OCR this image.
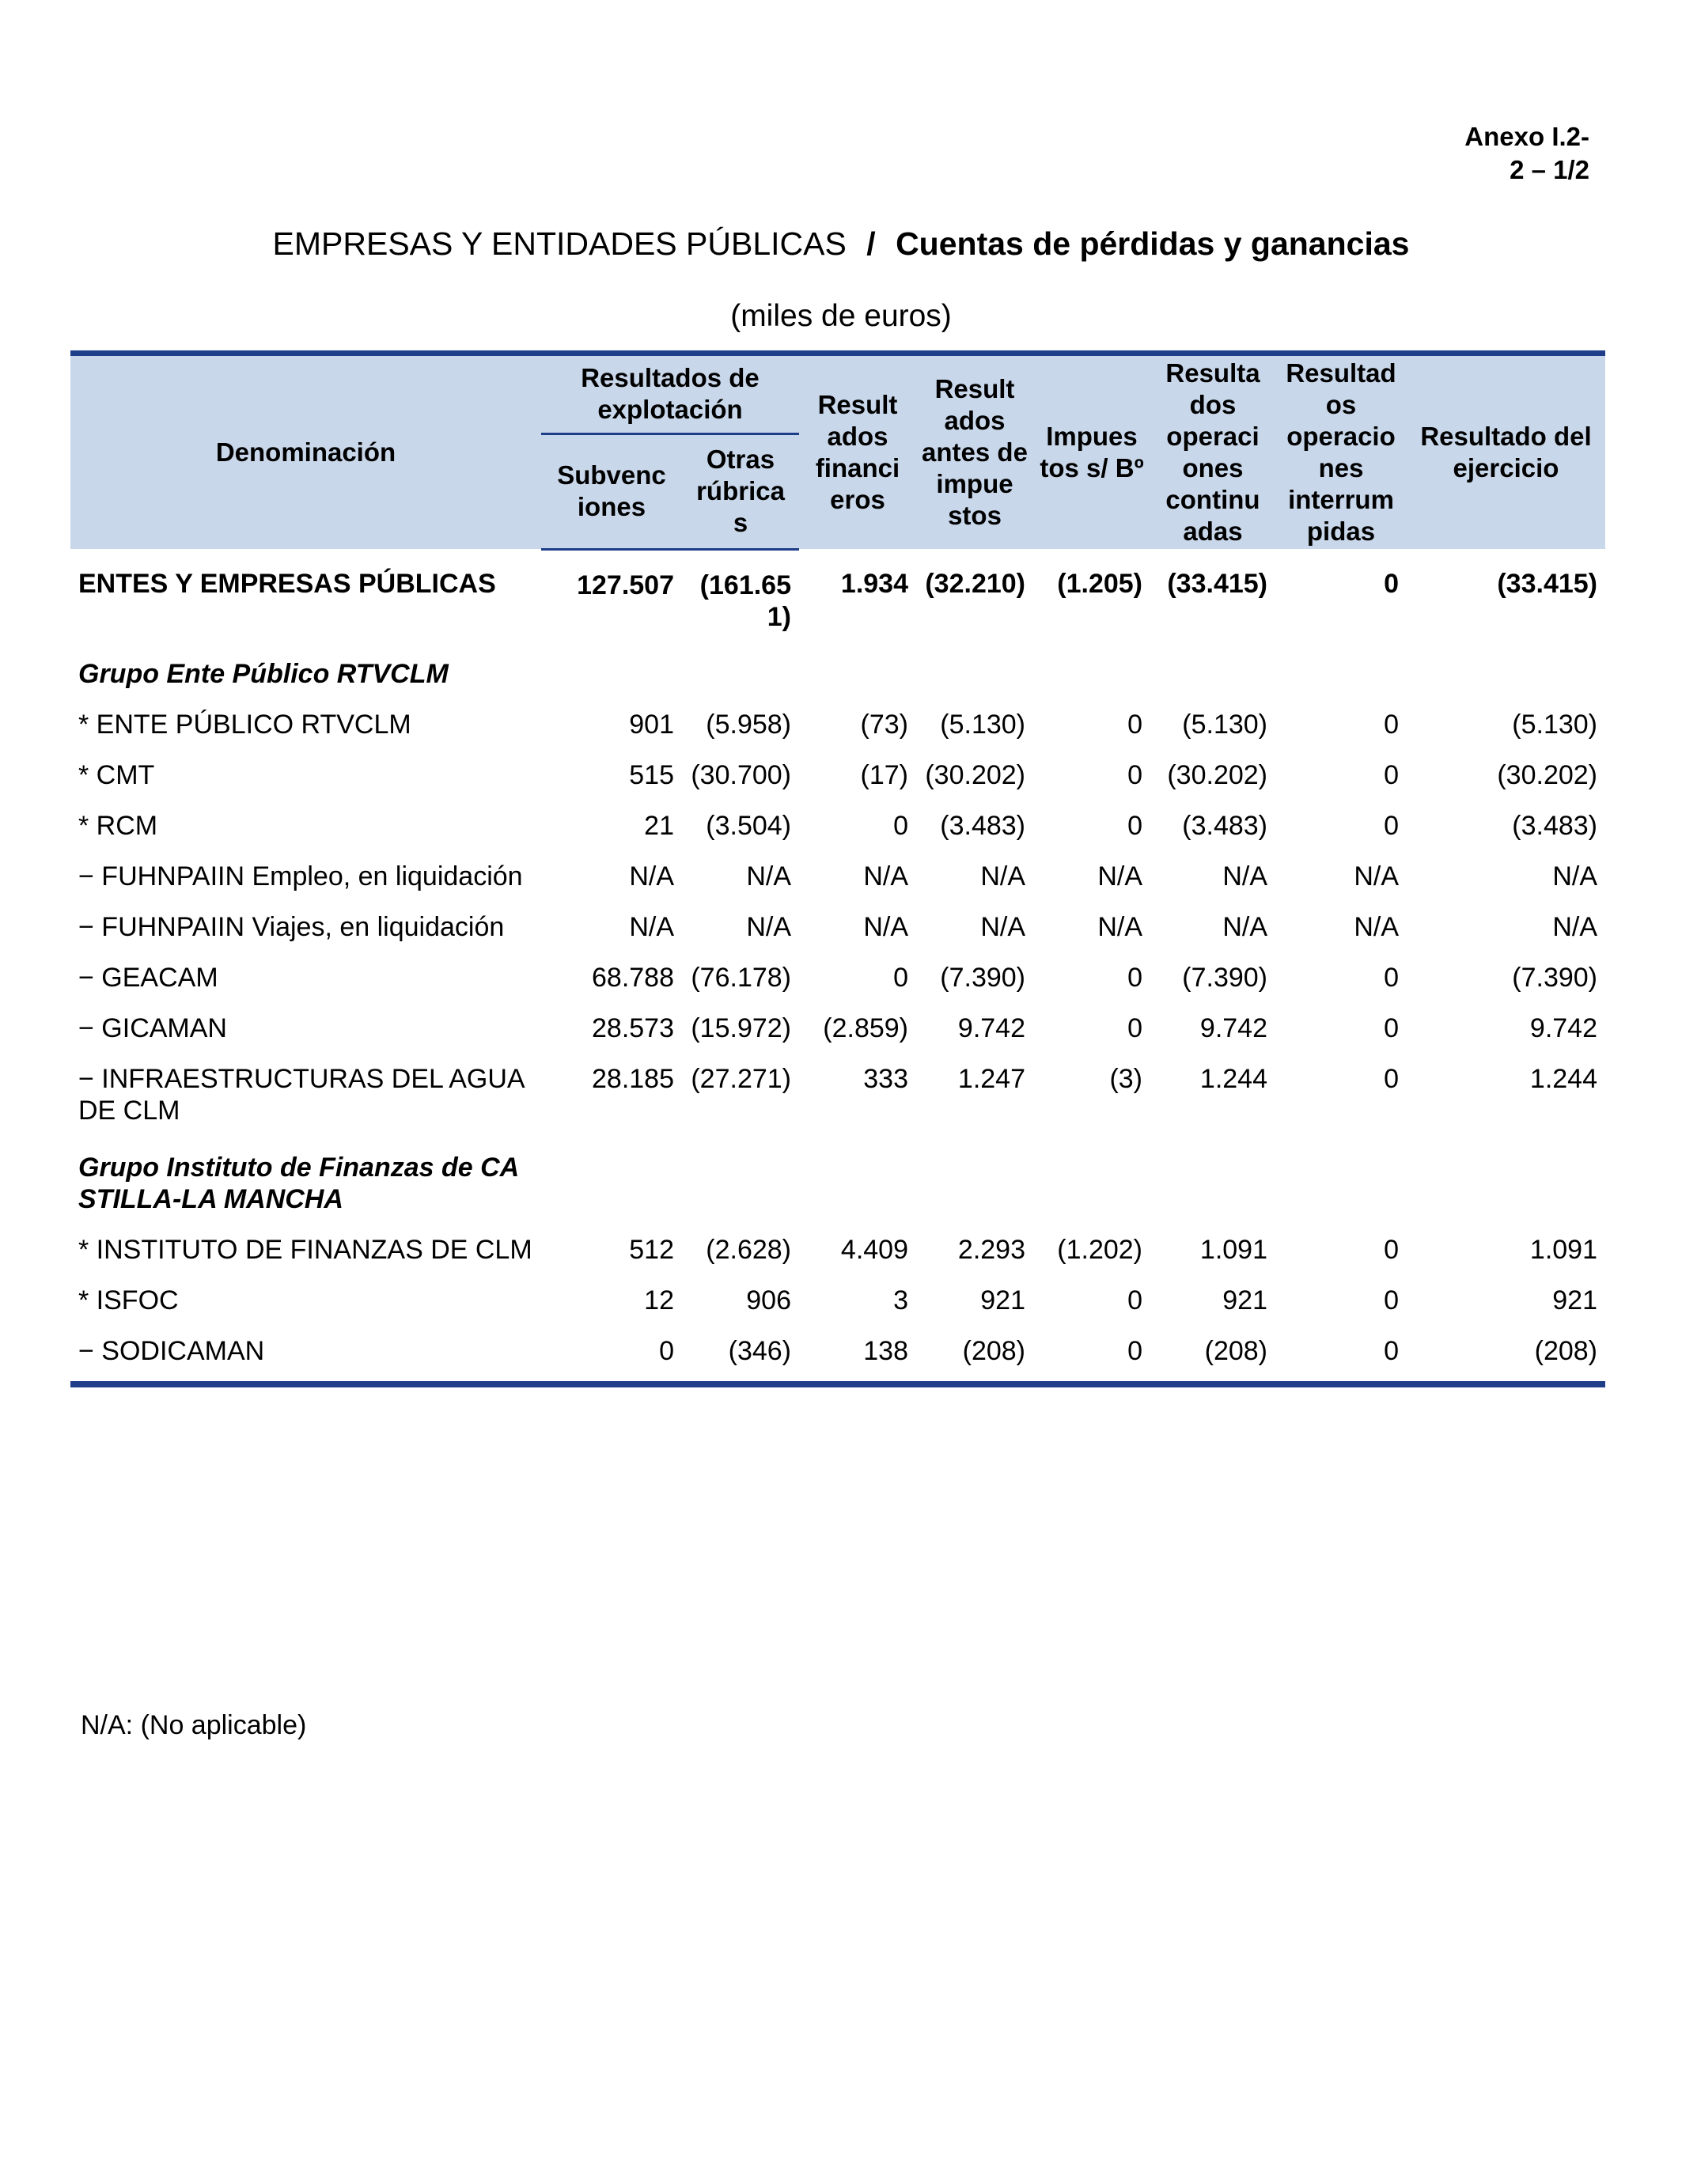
Anexo I.2-
2 – 1/2
EMPRESAS Y ENTIDADES PÚBLICAS / Cuentas de pérdidas y ganancias
(miles de euros)
Denominación	Resultados de explotación		Result ados financi eros	Result ados antes de impue stos	Impues tos s/ Bº	Resulta dos operaci ones continu adas	Resultad os operacio nes interrum pidas	Resultado del ejercicio
	Subvenc iones	Otras rúbrica s						
ENTES Y EMPRESAS PÚBLICAS	127.507	(161.651)	1.934	(32.210)	(1.205)	(33.415)	0	(33.415)
Grupo Ente Público RTVCLM								
* ENTE PÚBLICO RTVCLM	901	(5.958)	(73)	(5.130)	0	(5.130)	0	(5.130)
* CMT	515	(30.700)	(17)	(30.202)	0	(30.202)	0	(30.202)
* RCM	21	(3.504)	0	(3.483)	0	(3.483)	0	(3.483)
− FUHNPAIIN Empleo, en liquidación	N/A	N/A	N/A	N/A	N/A	N/A	N/A	N/A
− FUHNPAIIN Viajes, en liquidación	N/A	N/A	N/A	N/A	N/A	N/A	N/A	N/A
− GEACAM	68.788	(76.178)	0	(7.390)	0	(7.390)	0	(7.390)
− GICAMAN	28.573	(15.972)	(2.859)	9.742	0	9.742	0	9.742
− INFRAESTRUCTURAS DEL AGUA DE CLM	28.185	(27.271)	333	1.247	(3)	1.244	0	1.244
Grupo Instituto de Finanzas de CASTILLA-LA MANCHA								
* INSTITUTO DE FINANZAS DE CLM	512	(2.628)	4.409	2.293	(1.202)	1.091	0	1.091
* ISFOC	12	906	3	921	0	921	0	921
− SODICAMAN	0	(346)	138	(208)	0	(208)	0	(208)
N/A: (No aplicable)
